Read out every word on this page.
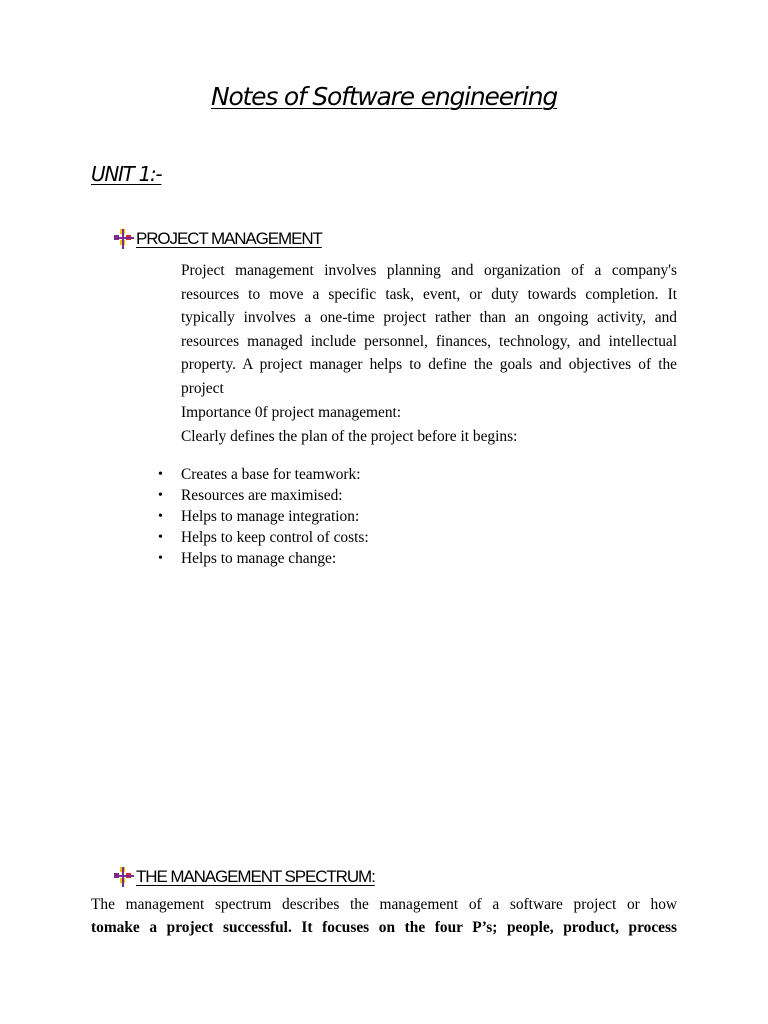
Notes of Software engineering
UNIT 1:-
PROJECT MANAGEMENT

Project management involves planning and organization of a company's resources to move a specific task, event, or duty towards completion. It typically involves a one-time project rather than an ongoing activity, and resources managed include personnel, finances, technology, and intellectual property. A project manager helps to define the goals and objectives of the project

Importance 0f project management:
Clearly defines the plan of the project before it begins:
• Creates a base for teamwork:
• Resources are maximised:
• Helps to manage integration:
• Helps to keep control of costs:
• Helps to manage change:
THE MANAGEMENT SPECTRUM:

The management spectrum describes the management of a software project or how

tomake a project successful. It focuses on the four P’s; people, product, process
